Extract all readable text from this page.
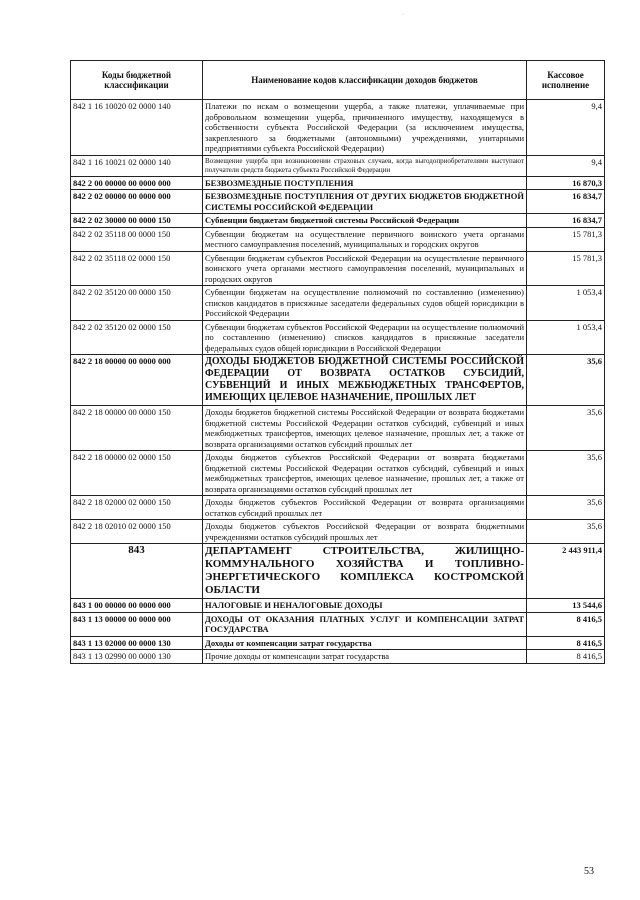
·
Коды бюджетной классификации	Наименование кодов классификации доходов бюджетов	Кассовое исполнение
842 1 16 10020 02 0000 140	Платежи по искам о возмещении ущерба, а также платежи, уплачиваемые при добровольном возмещении ущерба, причиненного имуществу, находящемуся в собственности субъекта Российской Федерации (за исключением имущества, закрепленного за бюджетными (автономными) учреждениями, унитарными предприятиями субъекта Российской Федерации)	9,4
842 1 16 10021 02 0000 140	Возмещение ущерба при возникновении страховых случаев, когда выгодоприобретателями выступают получатели средств бюджета субъекта Российской Федерации	9,4
842 2 00 00000 00 0000 000	БЕЗВОЗМЕЗДНЫЕ ПОСТУПЛЕНИЯ	16 870,3
842 2 02 00000 00 0000 000	БЕЗВОЗМЕЗДНЫЕ ПОСТУПЛЕНИЯ ОТ ДРУГИХ БЮДЖЕТОВ БЮДЖЕТНОЙ СИСТЕМЫ РОССИЙСКОЙ ФЕДЕРАЦИИ	16 834,7
842 2 02 30000 00 0000 150	Субвенции бюджетам бюджетной системы Российской Федерации	16 834,7
842 2 02 35118 00 0000 150	Субвенции бюджетам на осуществление первичного воинского учета органами местного самоуправления поселений, муниципальных и городских округов	15 781,3
842 2 02 35118 02 0000 150	Субвенции бюджетам субъектов Российской Федерации на осуществление первичного воинского учета органами местного самоуправления поселений, муниципальных и городских округов	15 781,3
842 2 02 35120 00 0000 150	Субвенции бюджетам на осуществление полномочий по составлению (изменению) списков кандидатов в присяжные заседатели федеральных судов общей юрисдикции в Российской Федерации	1 053,4
842 2 02 35120 02 0000 150	Субвенции бюджетам субъектов Российской Федерации на осуществление полномочий по составлению (изменению) списков кандидатов в присяжные заседатели федеральных судов общей юрисдикции в Российской Федерации	1 053,4
842 2 18 00000 00 0000 000	ДОХОДЫ БЮДЖЕТОВ БЮДЖЕТНОЙ СИСТЕМЫ РОССИЙСКОЙ ФЕДЕРАЦИИ ОТ ВОЗВРАТА ОСТАТКОВ СУБСИДИЙ, СУБВЕНЦИЙ И ИНЫХ МЕЖБЮДЖЕТНЫХ ТРАНСФЕРТОВ, ИМЕЮЩИХ ЦЕЛЕВОЕ НАЗНАЧЕНИЕ, ПРОШЛЫХ ЛЕТ	35,6
842 2 18 00000 00 0000 150	Доходы бюджетов бюджетной системы Российской Федерации от возврата бюджетами бюджетной системы Российской Федерации остатков субсидий, субвенций и иных межбюджетных трансфертов, имеющих целевое назначение, прошлых лет, а также от возврата организациями остатков субсидий прошлых лет	35,6
842 2 18 00000 02 0000 150	Доходы бюджетов субъектов Российской Федерации от возврата бюджетами бюджетной системы Российской Федерации остатков субсидий, субвенций и иных межбюджетных трансфертов, имеющих целевое назначение, прошлых лет, а также от возврата организациями остатков субсидий прошлых лет	35,6
842 2 18 02000 02 0000 150	Доходы бюджетов субъектов Российской Федерации от возврата организациями остатков субсидий прошлых лет	35,6
842 2 18 02010 02 0000 150	Доходы бюджетов субъектов Российской Федерации от возврата бюджетными учреждениями остатков субсидий прошлых лет	35,6
843	ДЕПАРТАМЕНТ СТРОИТЕЛЬСТВА, ЖИЛИЩНО-КОММУНАЛЬНОГО ХОЗЯЙСТВА И ТОПЛИВНО-ЭНЕРГЕТИЧЕСКОГО КОМПЛЕКСА КОСТРОМСКОЙ ОБЛАСТИ	2 443 911,4
843 1 00 00000 00 0000 000	НАЛОГОВЫЕ И НЕНАЛОГОВЫЕ ДОХОДЫ	13 544,6
843 1 13 00000 00 0000 000	ДОХОДЫ ОТ ОКАЗАНИЯ ПЛАТНЫХ УСЛУГ И КОМПЕНСАЦИИ ЗАТРАТ ГОСУДАРСТВА	8 416,5
843 1 13 02000 00 0000 130	Доходы от компенсации затрат государства	8 416,5
843 1 13 02990 00 0000 130	Прочие доходы от компенсации затрат государства	8 416,5
53
